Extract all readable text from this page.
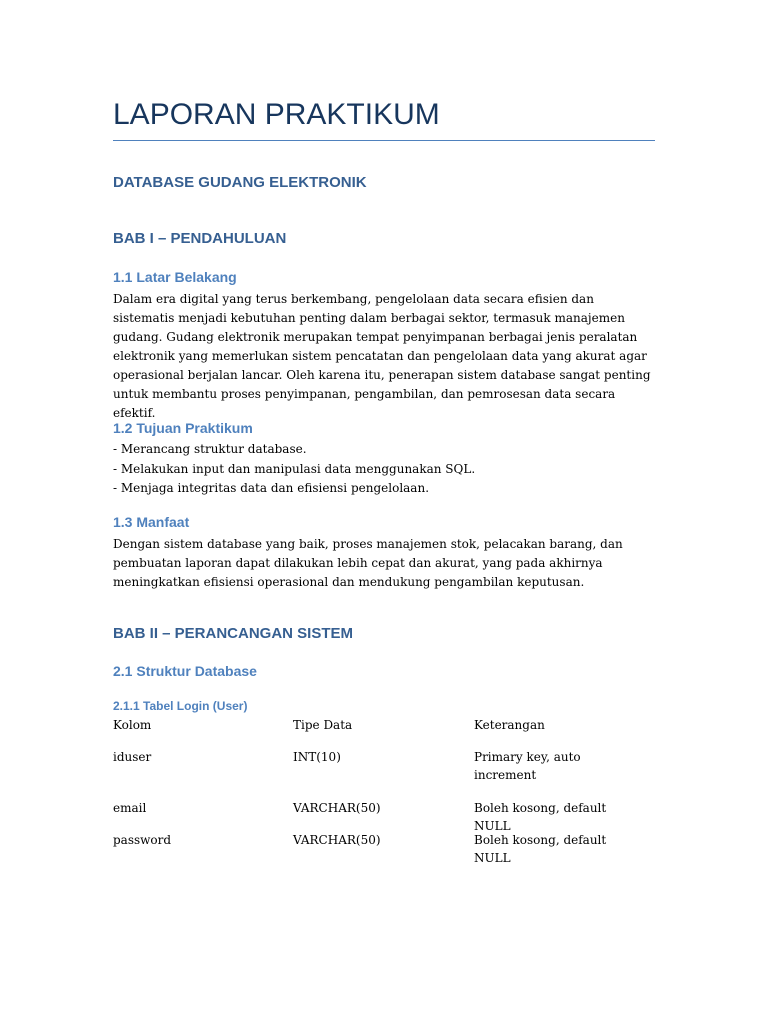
LAPORAN PRAKTIKUM
DATABASE GUDANG ELEKTRONIK
BAB I – PENDAHULUAN
1.1 Latar Belakang

Dalam era digital yang terus berkembang, pengelolaan data secara efisien dan sistematis menjadi kebutuhan penting dalam berbagai sektor, termasuk manajemen gudang. Gudang elektronik merupakan tempat penyimpanan berbagai jenis peralatan elektronik yang memerlukan sistem pencatatan dan pengelolaan data yang akurat agar operasional berjalan lancar. Oleh karena itu, penerapan sistem database sangat penting untuk membantu proses penyimpanan, pengambilan, dan pemrosesan data secara efektif.

1.2 Tujuan Praktikum
- Merancang struktur database.
- Melakukan input dan manipulasi data menggunakan SQL.
- Menjaga integritas data dan efisiensi pengelolaan.
1.3 Manfaat

Dengan sistem database yang baik, proses manajemen stok, pelacakan barang, dan pembuatan laporan dapat dilakukan lebih cepat dan akurat, yang pada akhirnya meningkatkan efisiensi operasional dan mendukung pengambilan keputusan.

BAB II – PERANCANGAN SISTEM
2.1 Struktur Database
2.1.1 Tabel Login (User)
Kolom	Tipe Data	Keterangan
iduser	INT(10)	Primary key, auto increment
email	VARCHAR(50)	Boleh kosong, default NULL
password	VARCHAR(50)	Boleh kosong, default NULL
